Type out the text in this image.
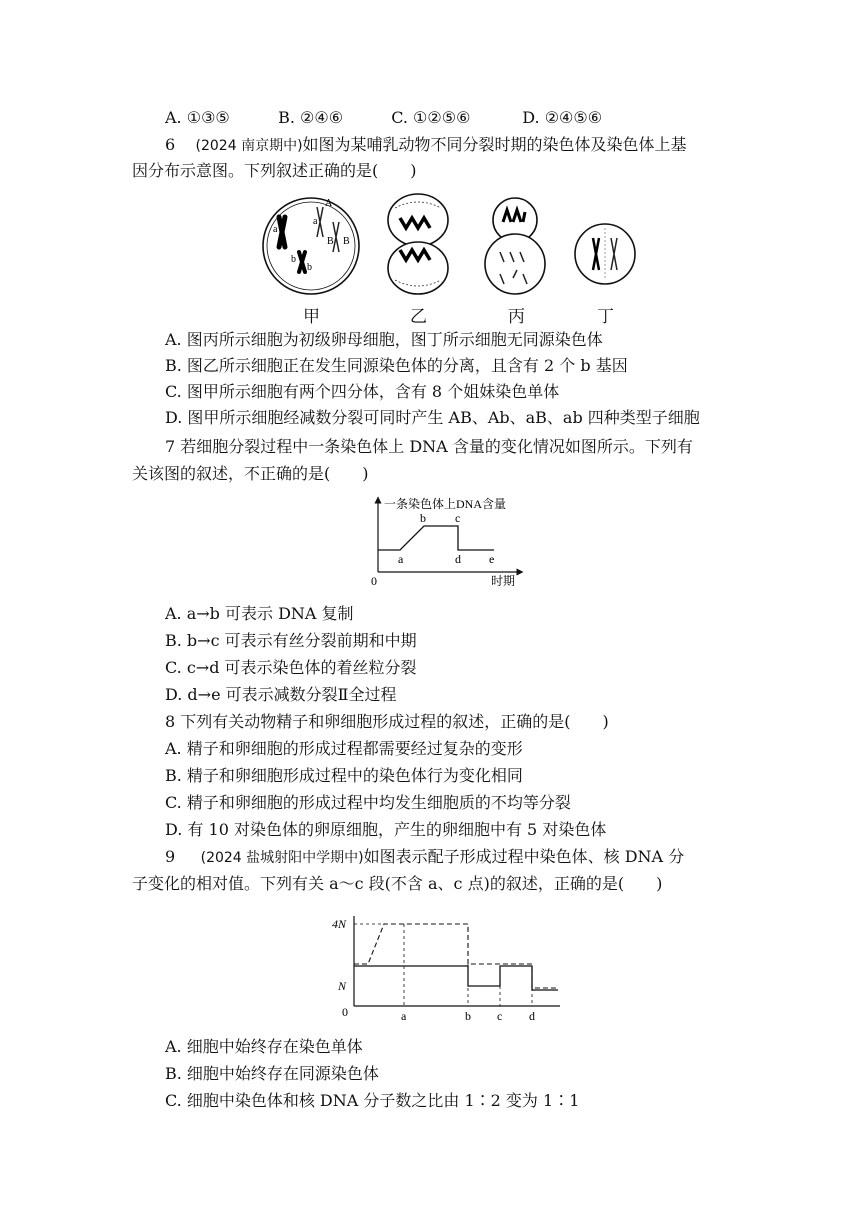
A. ①③⑤	B. ②④⑥	C. ①②⑤⑥	D. ②④⑤⑥
6 (2024 南京期中)如图为某哺乳动物不同分裂时期的染色体及染色体上基
因分布示意图。下列叙述正确的是(　　)
a
A
a
B B
b
b
甲	乙	丙	丁
A. 图丙所示细胞为初级卵母细胞，图丁所示细胞无同源染色体
B. 图乙所示细胞正在发生同源染色体的分离，且含有 2 个 b 基因
C. 图甲所示细胞有两个四分体，含有 8 个姐妹染色单体
D. 图甲所示细胞经减数分裂可同时产生 AB、Ab、aB、ab 四种类型子细胞
7 若细胞分裂过程中一条染色体上 DNA 含量的变化情况如图所示。下列有
关该图的叙述，不正确的是(　　)
一条染色体上DNA含量
0	时期
a
b c
d e
A. a→b 可表示 DNA 复制
B. b→c 可表示有丝分裂前期和中期
C. c→d 可表示染色体的着丝粒分裂
D. d→e 可表示减数分裂Ⅱ全过程
8 下列有关动物精子和卵细胞形成过程的叙述，正确的是(　　)
A. 精子和卵细胞的形成过程都需要经过复杂的变形
B. 精子和卵细胞形成过程中的染色体行为变化相同
C. 精子和卵细胞的形成过程中均发生细胞质的不均等分裂
D. 有 10 对染色体的卵原细胞，产生的卵细胞中有 5 对染色体
9 (2024 盐城射阳中学期中)如图表示配子形成过程中染色体、核 DNA 分
子变化的相对值。下列有关 a～c 段(不含 a、c 点)的叙述，正确的是(　　)
4N
N
0	a	b c d
A. 细胞中始终存在染色单体
B. 细胞中始终存在同源染色体
C. 细胞中染色体和核 DNA 分子数之比由 1∶2 变为 1∶1
